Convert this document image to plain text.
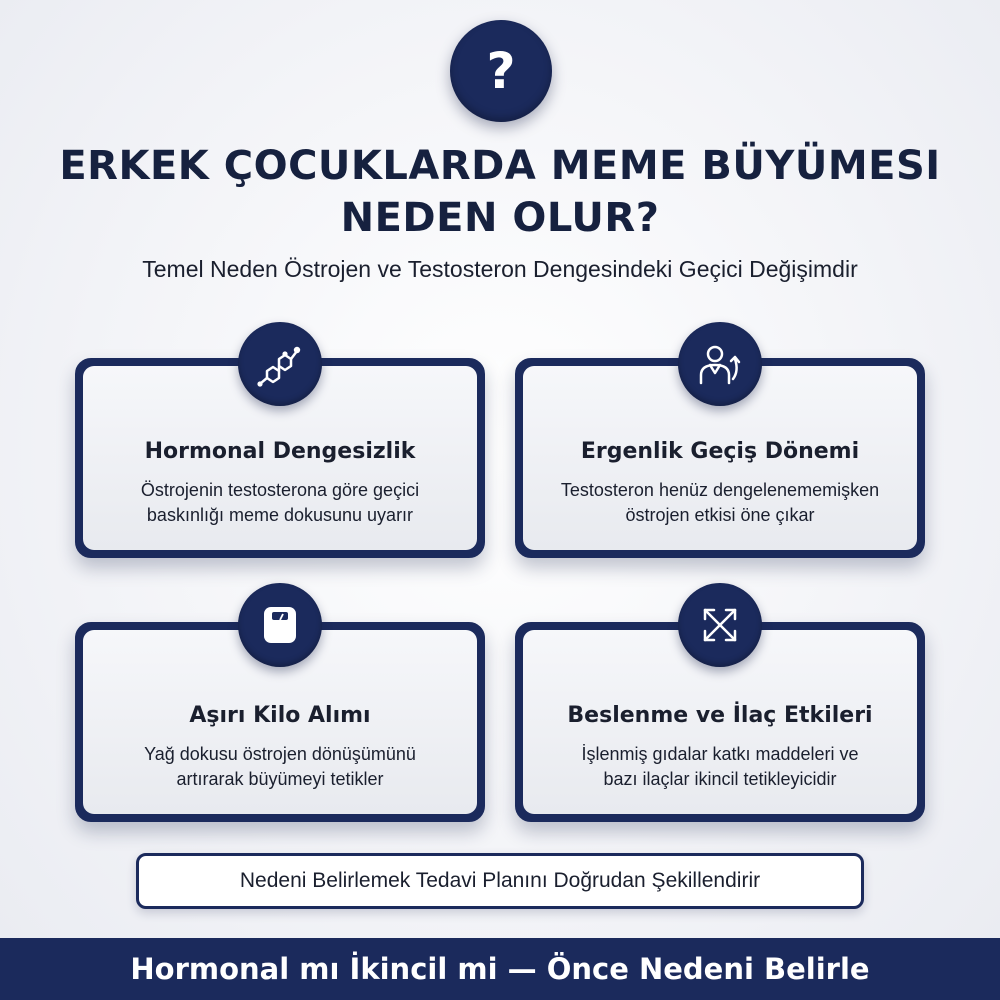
?
ERKEK ÇOCUKLARDA MEME BÜYÜMESI
NEDEN OLUR?
Temel Neden Östrojen ve Testosteron Dengesindeki Geçici Değişimdir
Hormonal Dengesizlik
Östrojenin testosterona göre geçici
baskınlığı meme dokusunu uyarır
Ergenlik Geçiş Dönemi
Testosteron henüz dengelenememişken
östrojen etkisi öne çıkar
Aşırı Kilo Alımı
Yağ dokusu östrojen dönüşümünü
artırarak büyümeyi tetikler
Beslenme ve İlaç Etkileri
İşlenmiş gıdalar katkı maddeleri ve
bazı ilaçlar ikincil tetikleyicidir
Nedeni Belirlemek Tedavi Planını Doğrudan Şekillendirir
Hormonal mı İkincil mi — Önce Nedeni Belirle
